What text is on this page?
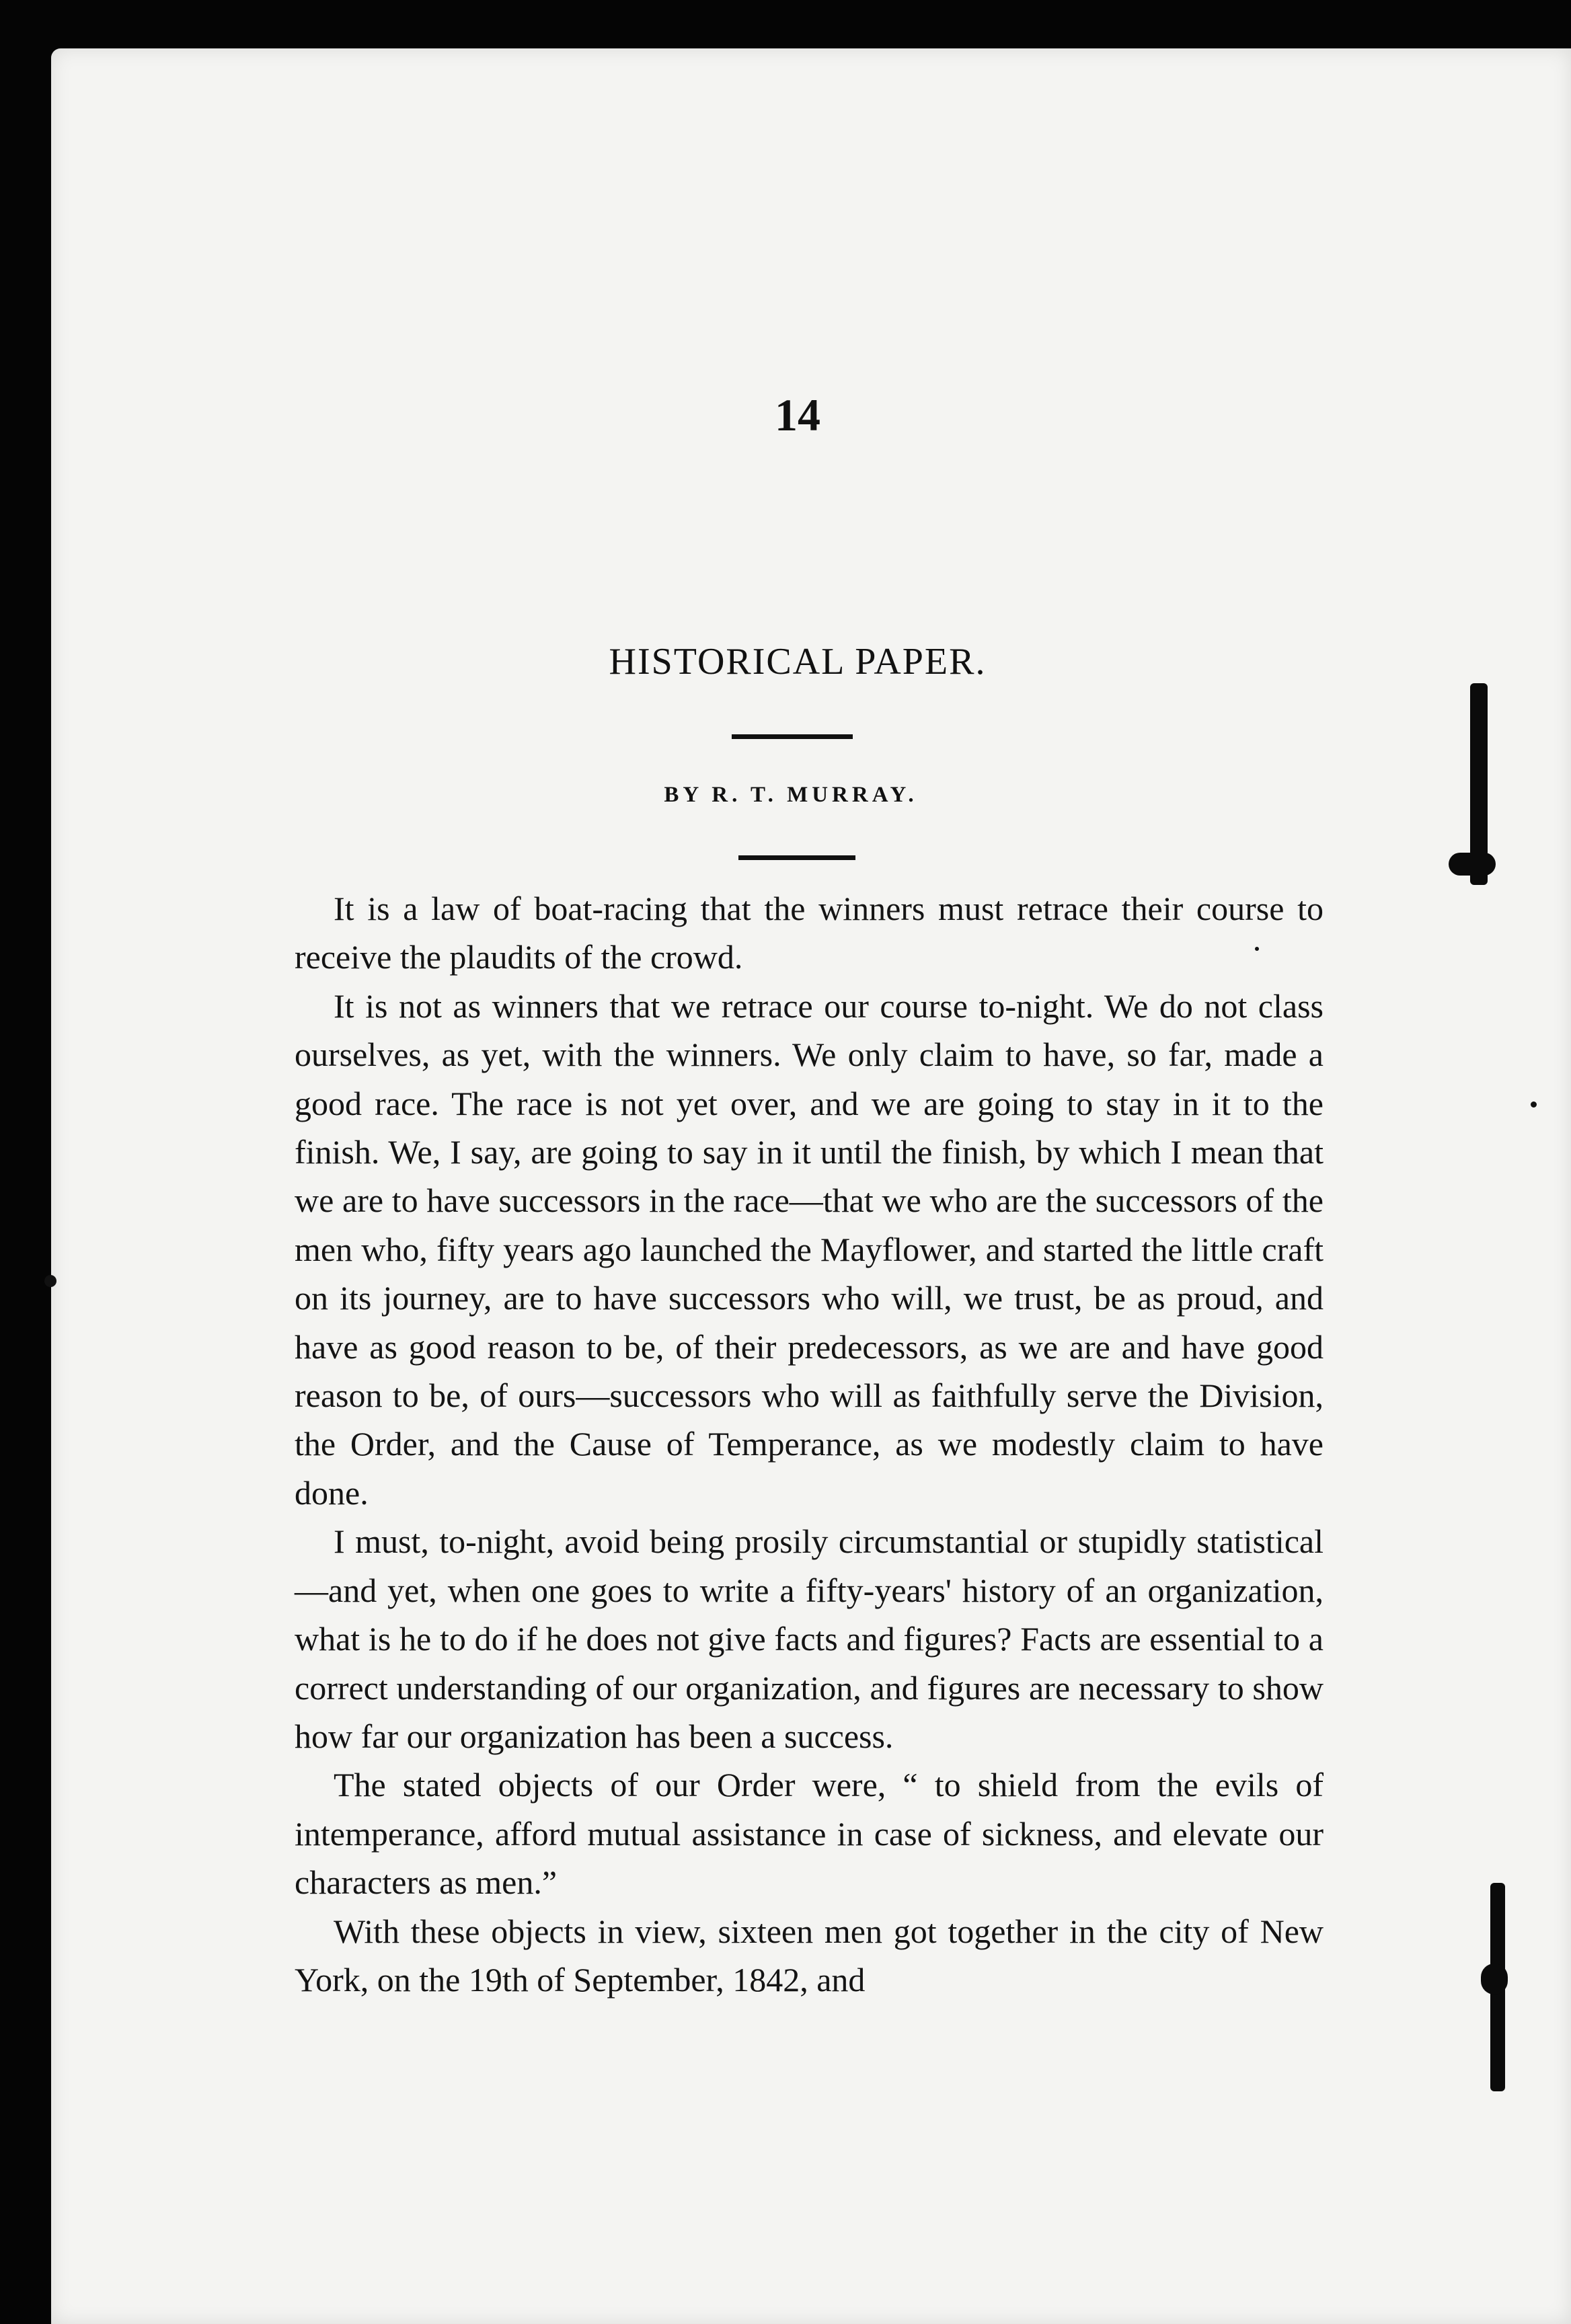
14
HISTORICAL PAPER.
BY R. T. MURRAY.

It is a law of boat-racing that the winners must retrace their course to receive the plaudits of the crowd.

It is not as winners that we retrace our course to-night. We do not class ourselves, as yet, with the winners. We only claim to have, so far, made a good race. The race is not yet over, and we are going to stay in it to the finish. We, I say, are going to say in it until the finish, by which I mean that we are to have successors in the race—that we who are the successors of the men who, fifty years ago launched the Mayflower, and started the little craft on its journey, are to have successors who will, we trust, be as proud, and have as good reason to be, of their predecessors, as we are and have good reason to be, of ours—successors who will as faithfully serve the Division, the Order, and the Cause of Temperance, as we modestly claim to have done.

I must, to-night, avoid being prosily circumstantial or stupidly statistical—and yet, when one goes to write a fifty-years' history of an organization, what is he to do if he does not give facts and figures? Facts are essential to a correct understanding of our organization, and figures are necessary to show how far our organization has been a success.

The stated objects of our Order were, “ to shield from the evils of intemperance, afford mutual assistance in case of sickness, and elevate our characters as men.”

With these objects in view, sixteen men got together in the city of New York, on the 19th of September, 1842, and
